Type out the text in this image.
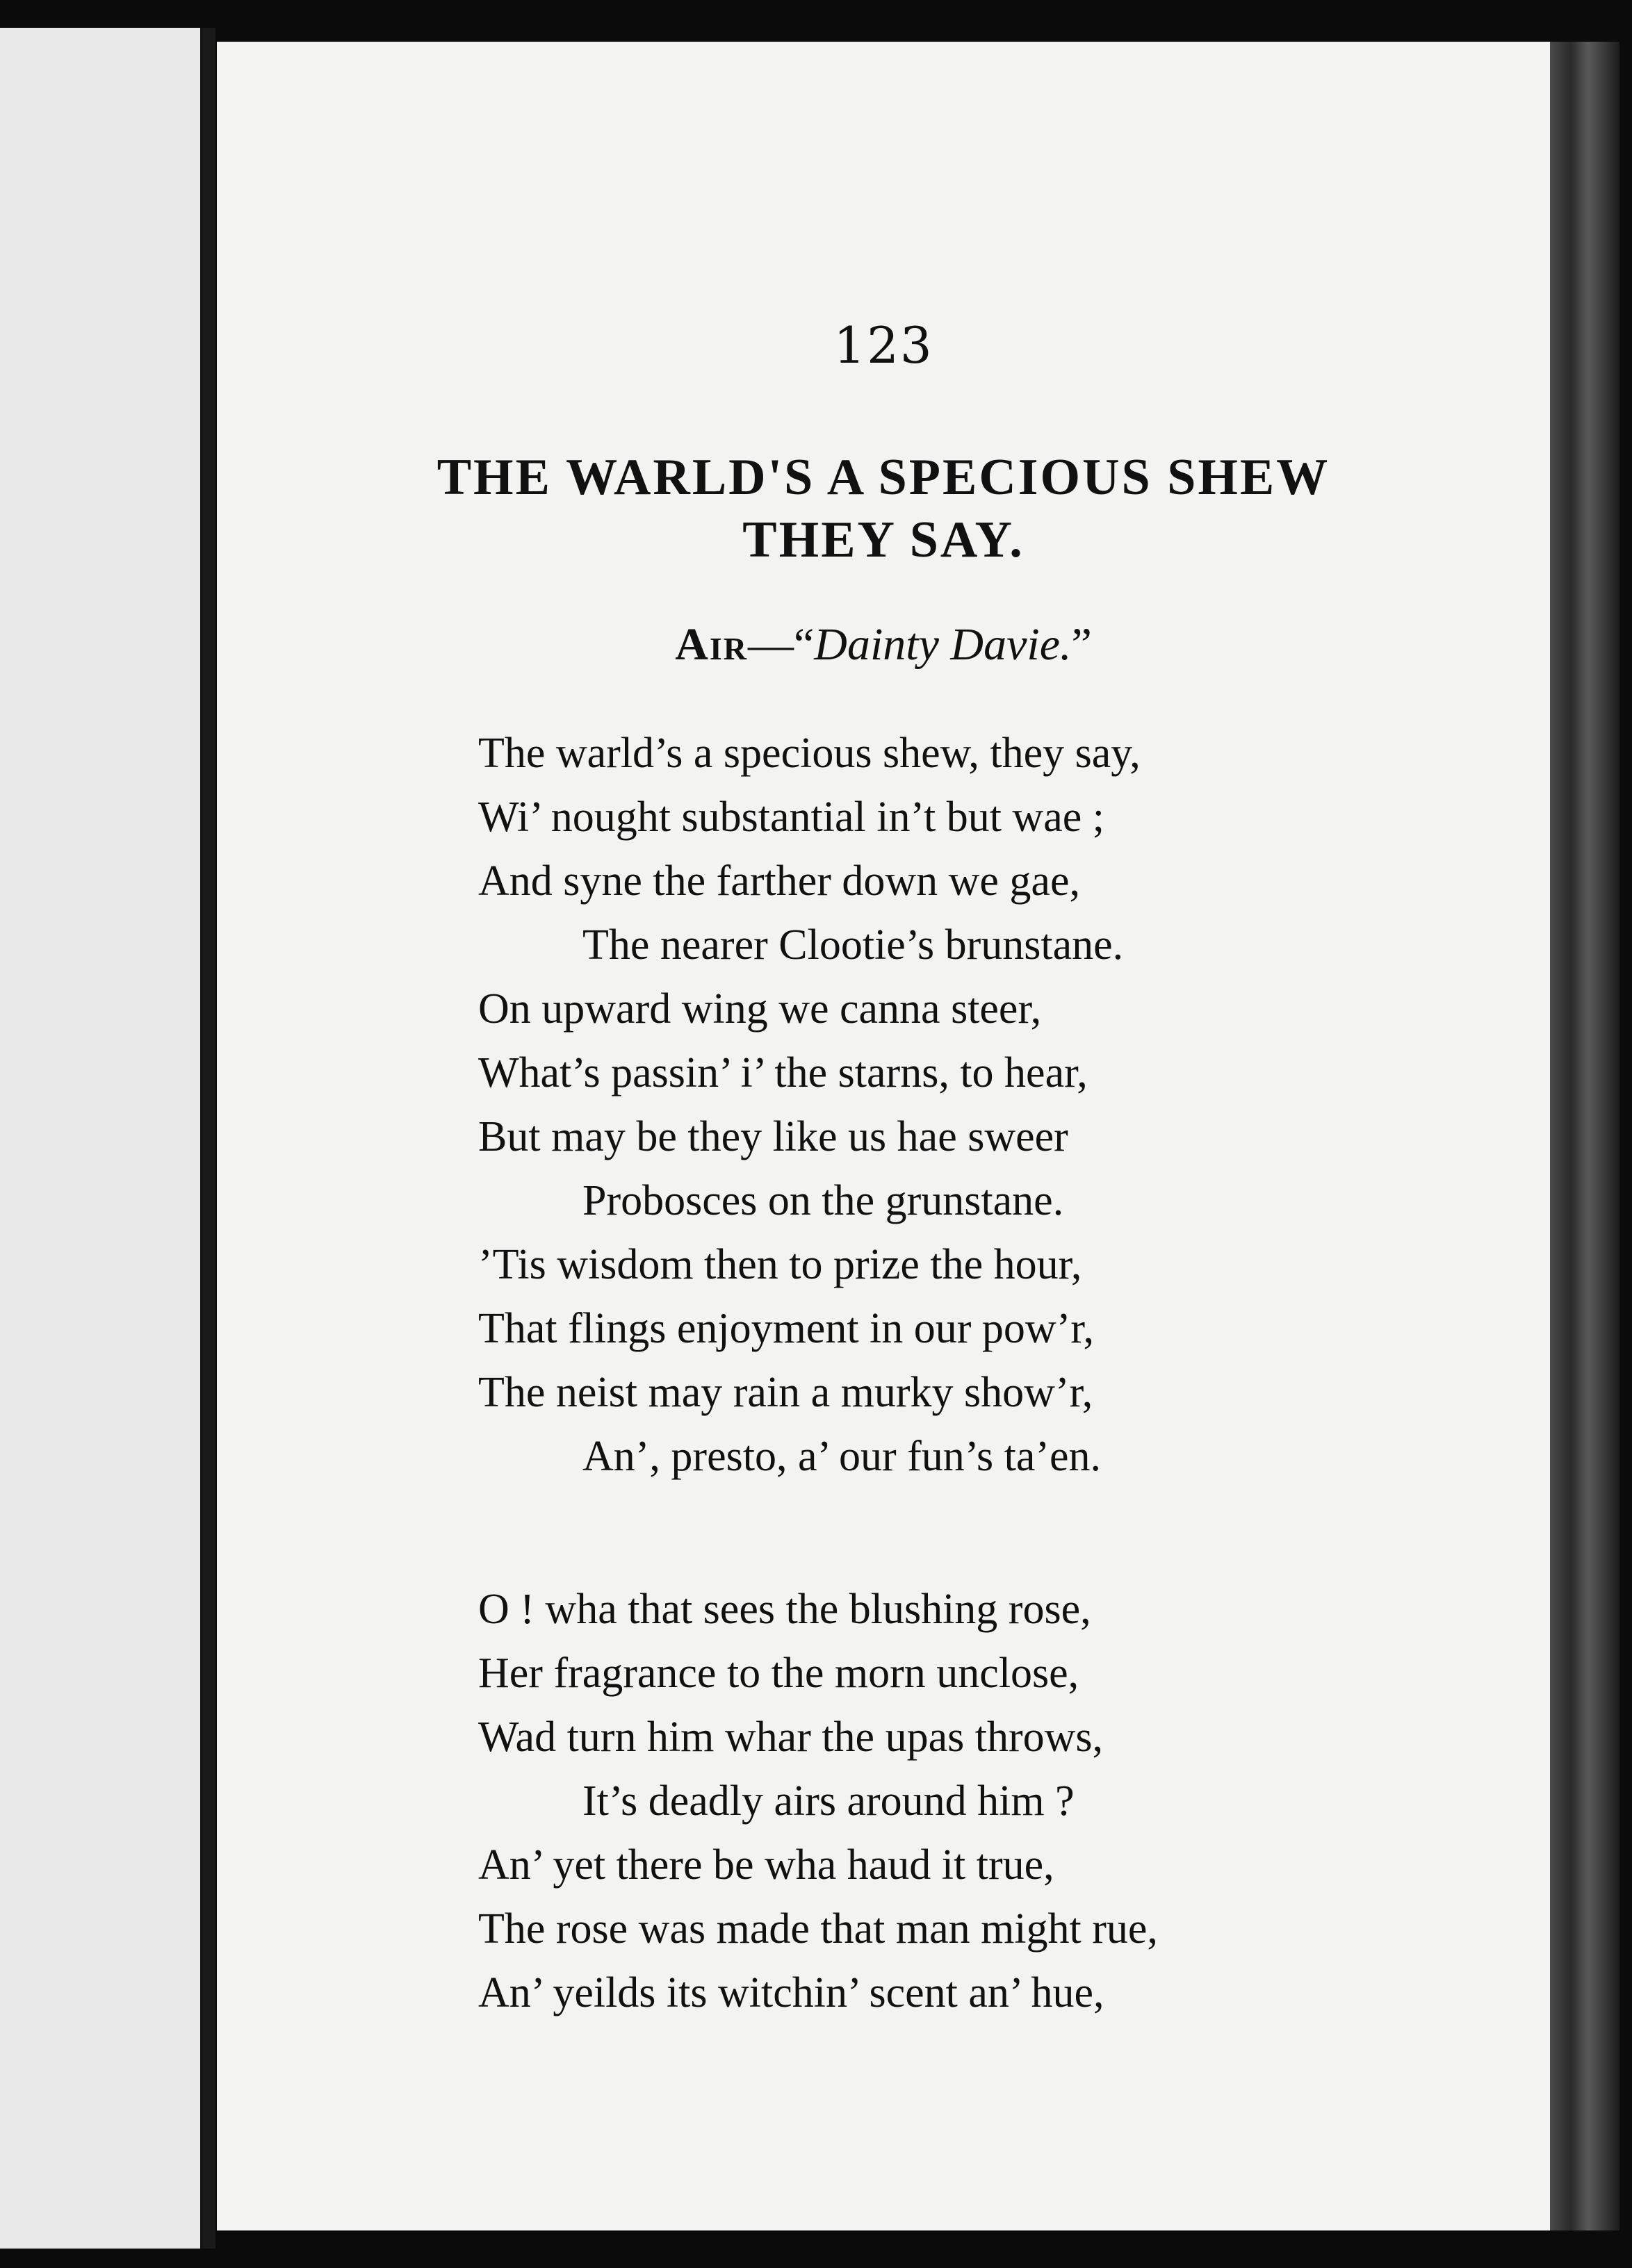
123
THE WARLD'S A SPECIOUS SHEW
THEY SAY.
Air—“Dainty Davie.”
The warld’s a specious shew, they say,
Wi’ nought substantial in’t but wae ;
And syne the farther down we gae,
The nearer Clootie’s brunstane.
On upward wing we canna steer,
What’s passin’ i’ the starns, to hear,
But may be they like us hae sweer
Probosces on the grunstane.
’Tis wisdom then to prize the hour,
That flings enjoyment in our pow’r,
The neist may rain a murky show’r,
An’, presto, a’ our fun’s ta’en.
O ! wha that sees the blushing rose,
Her fragrance to the morn unclose,
Wad turn him whar the upas throws,
It’s deadly airs around him ?
An’ yet there be wha haud it true,
The rose was made that man might rue,
An’ yeilds its witchin’ scent an’ hue,
